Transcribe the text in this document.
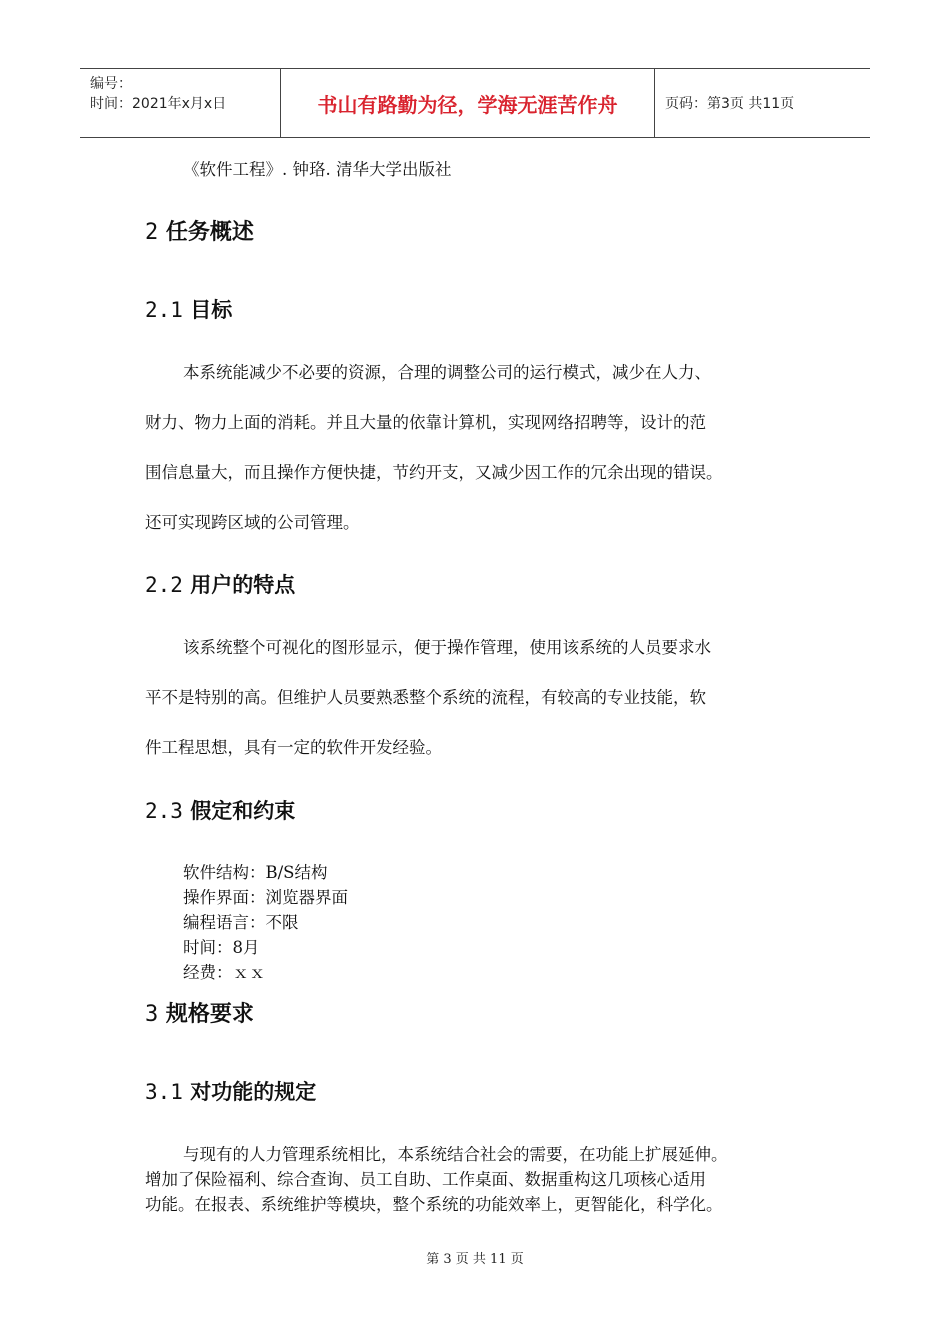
编号：
时间：2021年x月x日	书山有路勤为径，学海无涯苦作舟	页码：第3页 共11页
《软件工程》. 钟珞. 清华大学出版社
2 任务概述
2.1 目标
本系统能减少不必要的资源，合理的调整公司的运行模式，减少在人力、
财力、物力上面的消耗。并且大量的依靠计算机，实现网络招聘等，设计的范
围信息量大，而且操作方便快捷，节约开支，又减少因工作的冗余出现的错误。
还可实现跨区域的公司管理。
2.2 用户的特点
该系统整个可视化的图形显示，便于操作管理，使用该系统的人员要求水
平不是特别的高。但维护人员要熟悉整个系统的流程，有较高的专业技能，软
件工程思想，具有一定的软件开发经验。
2.3 假定和约束
软件结构：B/S结构
操作界面：浏览器界面
编程语言：不限
时间：8月
经费：ｘｘ
3 规格要求
3.1 对功能的规定
与现有的人力管理系统相比，本系统结合社会的需要，在功能上扩展延伸。
增加了保险福利、综合查询、员工自助、工作桌面、数据重构这几项核心适用
功能。在报表、系统维护等模块，整个系统的功能效率上，更智能化，科学化。
第 3 页 共 11 页
